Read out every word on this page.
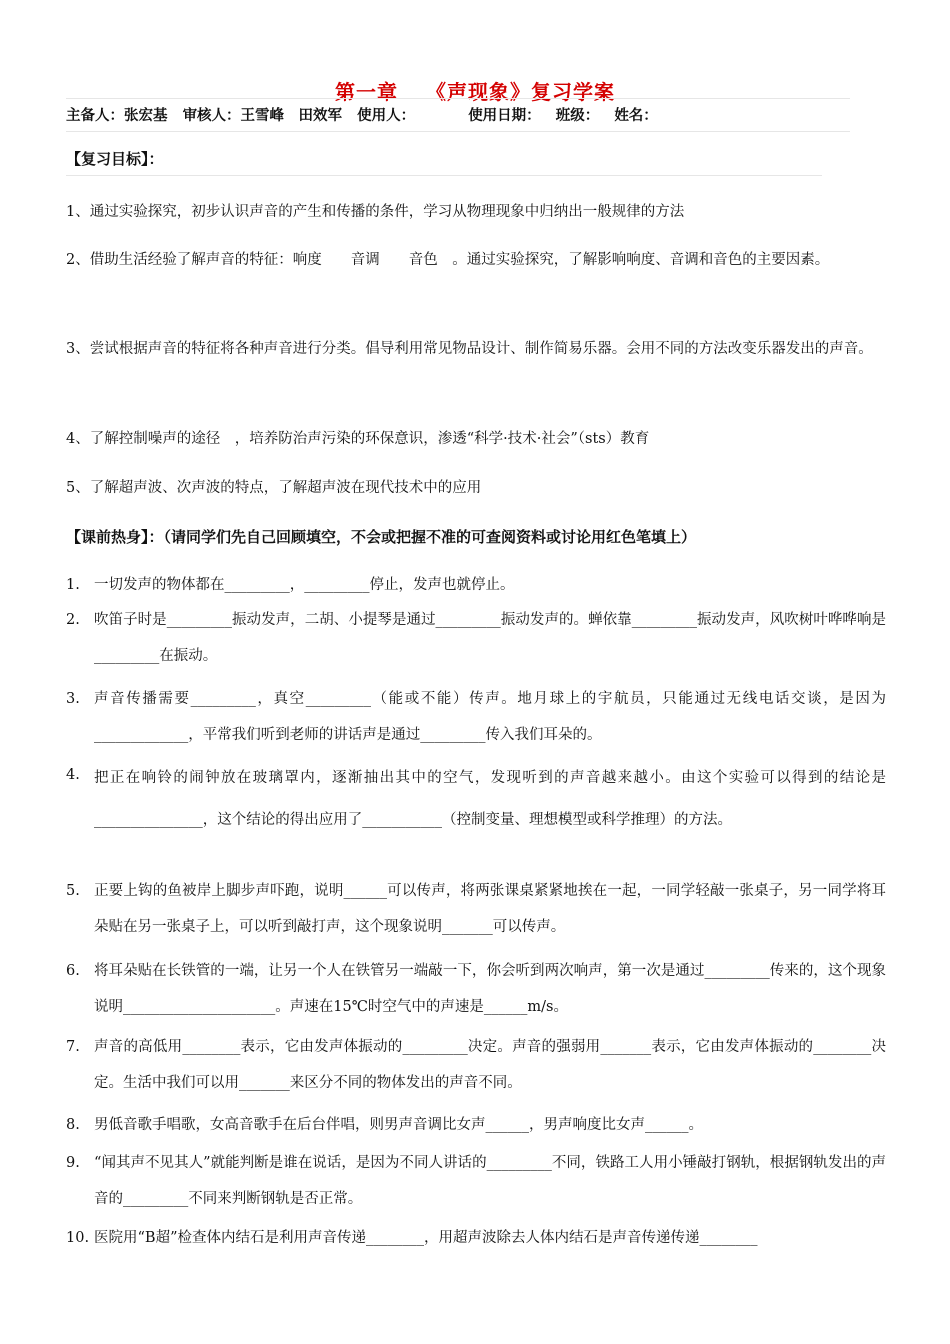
第一章 《声现象》复习学案
主备人：张宏基 审核人：王雪峰　田效军 使用人：	使用日期： 班级： 姓名：
【复习目标】：
1、通过实验探究，初步认识声音的产生和传播的条件，学习从物理现象中归纳出一般规律的方法
2、借助生活经验了解声音的特征：响度　　音调　　音色　。通过实验探究，了解影响响度、音调和音色的主要因素。
3、尝试根据声音的特征将各种声音进行分类。倡导利用常见物品设计、制作简易乐器。会用不同的方法改变乐器发出的声音。
4、了解控制噪声的途径　，培养防治声污染的环保意识，渗透“科学·技术·社会”（sts）教育
5、了解超声波、次声波的特点，了解超声波在现代技术中的应用
【课前热身】：（请同学们先自己回顾填空，不会或把握不准的可查阅资料或讨论用红色笔填上）
1. 一切发声的物体都在_________，_________停止，发声也就停止。
2. 吹笛子时是_________振动发声，二胡、小提琴是通过_________振动发声的。蝉依靠_________振动发声，风吹树叶哗哗响是_________在振动。
3. 声音传播需要_________，真空_________（能或不能）传声。地月球上的宇航员，只能通过无线电话交谈，是因为_____________，平常我们听到老师的讲话声是通过_________传入我们耳朵的。
4. 把正在响铃的闹钟放在玻璃罩内，逐渐抽出其中的空气，发现听到的声音越来越小。由这个实验可以得到的结论是_______________，这个结论的得出应用了___________（控制变量、理想模型或科学推理）的方法。
5. 正要上钩的鱼被岸上脚步声吓跑，说明______可以传声，将两张课桌紧紧地挨在一起，一同学轻敲一张桌子，另一同学将耳朵贴在另一张桌子上，可以听到敲打声，这个现象说明_______可以传声。
6. 将耳朵贴在长铁管的一端，让另一个人在铁管另一端敲一下，你会听到两次响声，第一次是通过_________传来的，这个现象说明_____________________。声速在15℃时空气中的声速是______m/s。
7. 声音的高低用________表示，它由发声体振动的_________决定。声音的强弱用_______表示，它由发声体振动的________决定。生活中我们可以用_______来区分不同的物体发出的声音不同。
8. 男低音歌手唱歌，女高音歌手在后台伴唱，则男声音调比女声______，男声响度比女声______。
9. “闻其声不见其人”就能判断是谁在说话，是因为不同人讲话的_________不同，铁路工人用小锤敲打钢轨，根据钢轨发出的声音的_________不同来判断钢轨是否正常。
10. 医院用“B超”检查体内结石是利用声音传递________，用超声波除去人体内结石是声音传递传递________
